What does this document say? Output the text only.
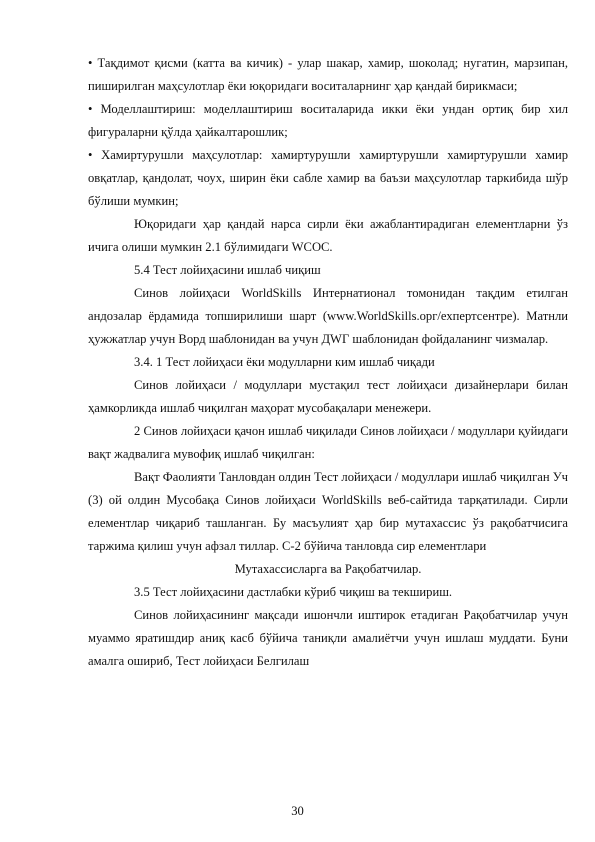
• Тақдимот қисми (катта ва кичик) - улар шакар, хамир, шоколад; нугатин, марзипан, пиширилган маҳсулотлар ёки юқоридаги воситаларнинг ҳар қандай бирикмаси;

• Моделлаштириш: моделлаштириш воситаларида икки ёки ундан ортиқ бир хил фигураларни қўлда ҳайкалтарошлик;

• Хамиртурушли маҳсулотлар: хамиртурушли хамиртурушли хамиртурушли хамир овқатлар, қандолат, чоух, ширин ёки сабле хамир ва баъзи маҳсулотлар таркибида шўр бўлиши мумкин;

Юқоридаги ҳар қандай нарса сирли ёки ажаблантирадиган елементларни ўз ичига олиши мумкин 2.1 бўлимидаги WCOC.

5.4 Тест лойиҳасини ишлаб чиқиш

Синов лойиҳаси WorldSkills Интернатионал томонидан тақдим етилган андозалар ёрдамида топширилиши шарт (www.WorldSkills.орг/ехпертсентре). Матнли ҳужжатлар учун Ворд шаблонидан ва учун ДWГ шаблонидан фойдаланинг чизмалар.

3.4. 1 Тест лойиҳаси ёки модулларни ким ишлаб чиқади

Синов лойиҳаси / модуллари мустақил тест лойиҳаси дизайнерлари билан ҳамкорликда ишлаб чиқилган маҳорат мусобақалари менежери.

2 Синов лойиҳаси қачон ишлаб чиқилади Синов лойиҳаси / модуллари қуйидаги вақт жадвалига мувофиқ ишлаб чиқилган:

Вақт Фаолияти Танловдан олдин Тест лойиҳаси / модуллари ишлаб чиқилган Уч (3) ой олдин Мусобақа Синов лойиҳаси WorldSkills веб-сайтида тарқатилади. Сирли елементлар чиқариб ташланган. Бу масъулият ҳар бир мутахассис ўз рақобатчисига таржима қилиш учун афзал тиллар. С-2 бўйича танловда сир елементлари

Мутахассисларга ва Рақобатчилар.

3.5 Тест лойиҳасини дастлабки кўриб чиқиш ва текшириш.

Синов лойиҳасининг мақсади ишончли иштирок етадиган Рақобатчилар учун муаммо яратишдир аниқ касб бўйича таниқли амалиётчи учун ишлаш муддати. Буни амалга ошириб, Тест лойиҳаси Белгилаш

30
